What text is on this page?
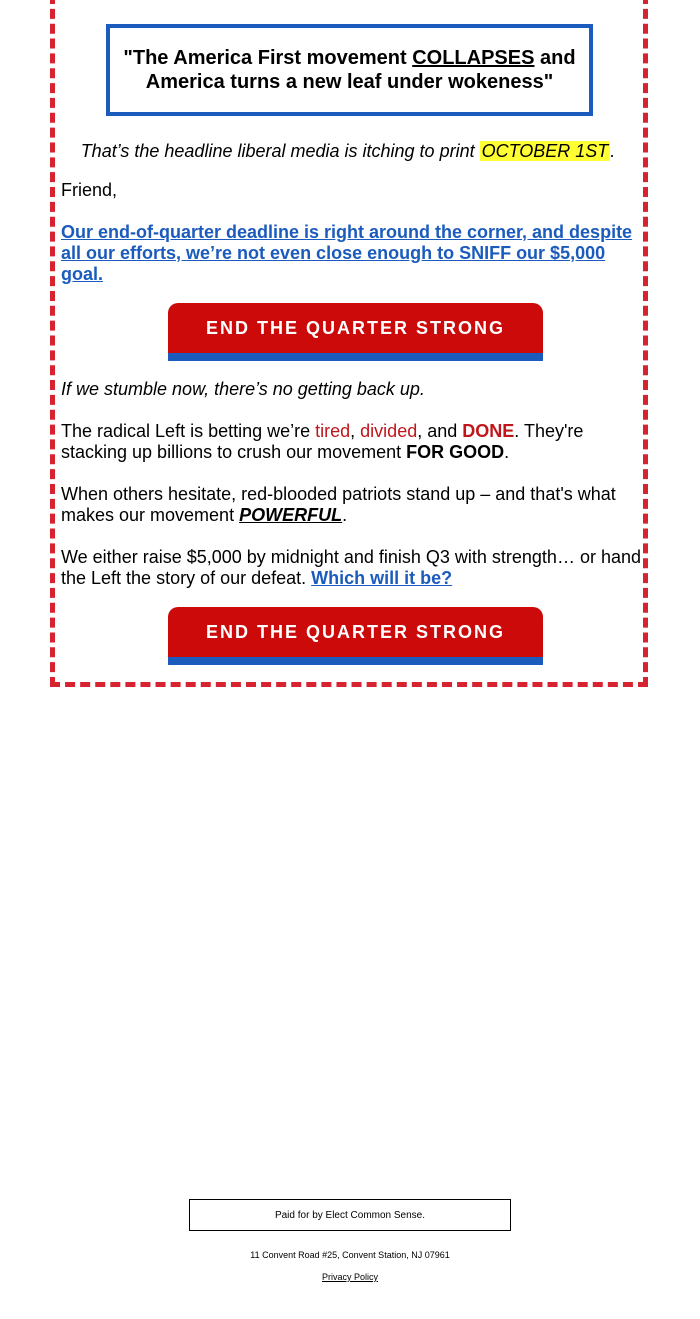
"The America First movement COLLAPSES and America turns a new leaf under wokeness"
That’s the headline liberal media is itching to print OCTOBER 1ST .
Friend,
Our end-of-quarter deadline is right around the corner, and despite all our efforts, we’re not even close enough to SNIFF our $5,000 goal.
END THE QUARTER STRONG
If we stumble now, there’s no getting back up.
The radical Left is betting we’re tired, divided, and DONE. They're stacking up billions to crush our movement FOR GOOD.
When others hesitate, red-blooded patriots stand up – and that's what makes our movement POWERFUL.
We either raise $5,000 by midnight and finish Q3 with strength… or hand the Left the story of our defeat. Which will it be?
END THE QUARTER STRONG
Paid for by Elect Common Sense.
11 Convent Road #25, Convent Station, NJ 07961
Privacy Policy
